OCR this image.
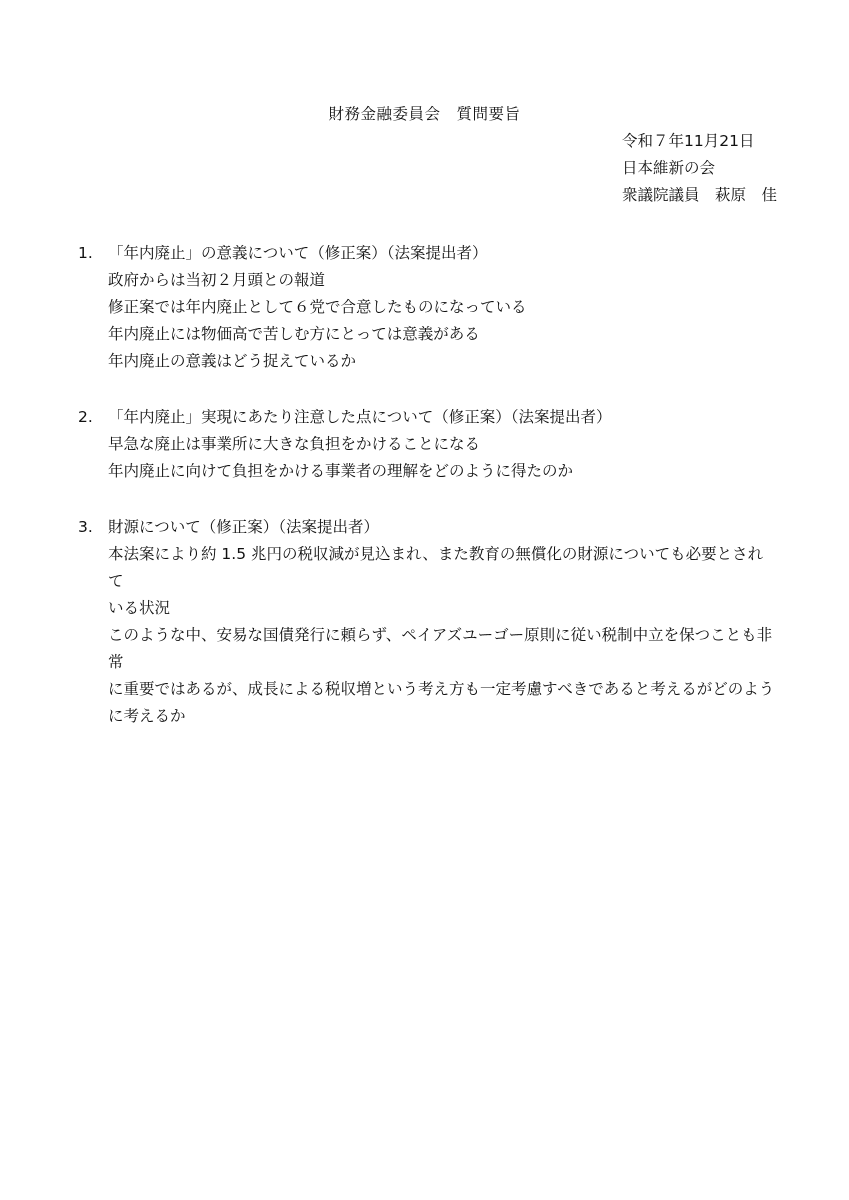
財務金融委員会　質問要旨
令和７年11月21日
日本維新の会
衆議院議員　萩原　佳
1. 「年内廃止」の意義について（修正案）（法案提出者）
政府からは当初２月頭との報道
修正案では年内廃止として６党で合意したものになっている
年内廃止には物価高で苦しむ方にとっては意義がある
年内廃止の意義はどう捉えているか
2. 「年内廃止」実現にあたり注意した点について（修正案）（法案提出者）
早急な廃止は事業所に大きな負担をかけることになる
年内廃止に向けて負担をかける事業者の理解をどのように得たのか
3. 財源について（修正案）（法案提出者）
本法案により約 1.5 兆円の税収減が見込まれ、また教育の無償化の財源についても必要とされて
いる状況
このような中、安易な国債発行に頼らず、ペイアズユーゴー原則に従い税制中立を保つことも非常
に重要ではあるが、成長による税収増という考え方も一定考慮すべきであると考えるがどのよう
に考えるか
